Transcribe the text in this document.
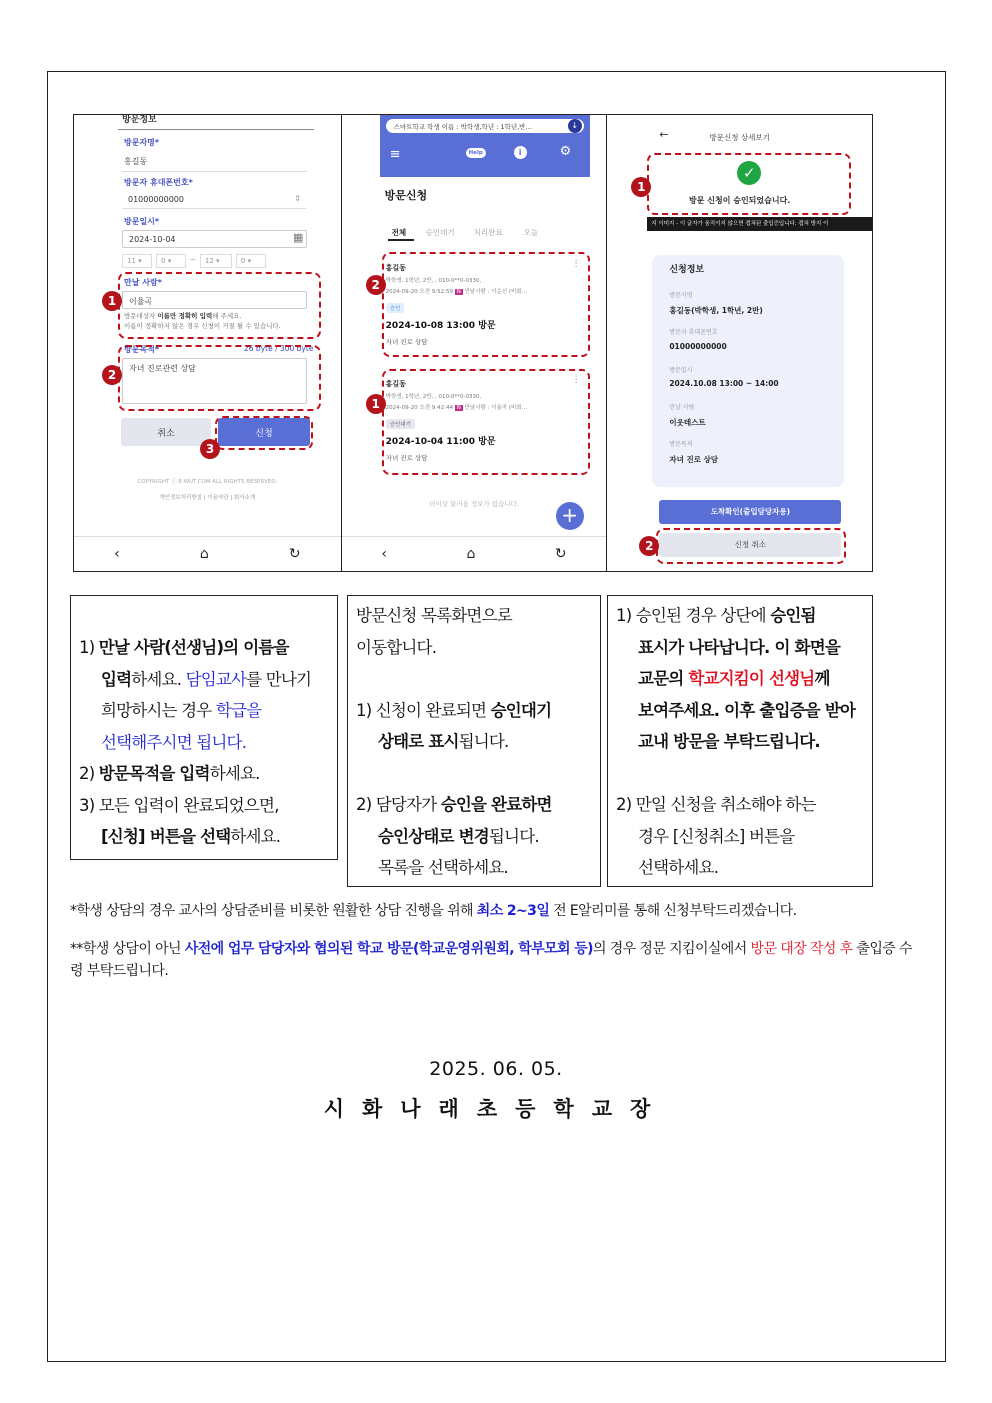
방문정보
방문자명*
홍길동
방문자 휴대폰번호*
01000000000	⇕
방문일시*
2024-10-04	▦
11 ▾	0 ▾	~	12 ▾	0 ▾
만날 사람*
이율곡
방문대상자 이름만 정확히 입력해 주세요.
이름이 정확하지 않은 경우 신청이 거절 될 수 있습니다.
방문목적*	26 byte / 300 byte
자녀 진로관련 상담
취소	신청
COPYRIGHT ⓒ E-WUT.COM ALL RIGHTS RESERVED.
개인정보처리방침 | 이용약관 | 회사소개
‹	⌂	↻
1
2
3
스마트학교 학생 이름 : 박학생,학년 : 1학년,반…	↓
≡	Help	i	⚙
방문신청
전체	승인대기	처리완료	오늘
홍길동
박학생, 1학년, 2반, , 010-0**0-0330,
2024-09-20 오전 9:52:59 N 만날사람 : 이순신 (비회…
승인
2024-10-08 13:00 방문
자녀 진로 상담
⋮
홍길동
박학생, 1학년, 2반, , 010-0**0-0330,
2024-09-20 오전 9:42:44 N 만날사람 : 이율곡 (비회…
승인대기
2024-10-04 11:00 방문
자녀 진로 상담
⋮
더이상 불러올 정보가 없습니다.	+
‹	⌂	↻
2
1
←	방문신청 상세보기
✓
방문 신청이 승인되었습니다.
지 이미지 - 이 글자가 움직이지 않으면 캡쳐된 출입증입니다. 캡쳐 방지 이
신청정보
방문자명
홍길동(박학생, 1학년, 2반)
방문자 휴대폰번호
01000000000
방문일시
2024.10.08 13:00 ~ 14:00
만날 사람
이웃테스트
방문목적
자녀 진로 상담
도착확인(출입담당자용)
신청 취소
1
2
1) 만날 사람(선생님)의 이름을
입력하세요. 담임교사를 만나기
희망하시는 경우 학급을
선택해주시면 됩니다.
2) 방문목적을 입력하세요.
3) 모든 입력이 완료되었으면,
[신청] 버튼을 선택하세요.
방문신청 목록화면으로
이동합니다.
1) 신청이 완료되면 승인대기
상태로 표시됩니다.
2) 담당자가 승인을 완료하면
승인상태로 변경됩니다.
목록을 선택하세요.
1) 승인된 경우 상단에 승인됨
표시가 나타납니다. 이 화면을
교문의 학교지킴이 선생님께
보여주세요. 이후 출입증을 받아
교내 방문을 부탁드립니다.
2) 만일 신청을 취소해야 하는
경우 [신청취소] 버튼을
선택하세요.
*학생 상담의 경우 교사의 상담준비를 비롯한 원활한 상담 진행을 위해 최소 2~3일 전 E알리미를 통해 신청부탁드리겠습니다.
**학생 상담이 아닌 사전에 업무 담당자와 협의된 학교 방문(학교운영위원회, 학부모회 등)의 경우 정문 지킴이실에서 방문 대장 작성 후 출입증 수령 부탁드립니다.
2025. 06. 05.
시화나래초등학교장
